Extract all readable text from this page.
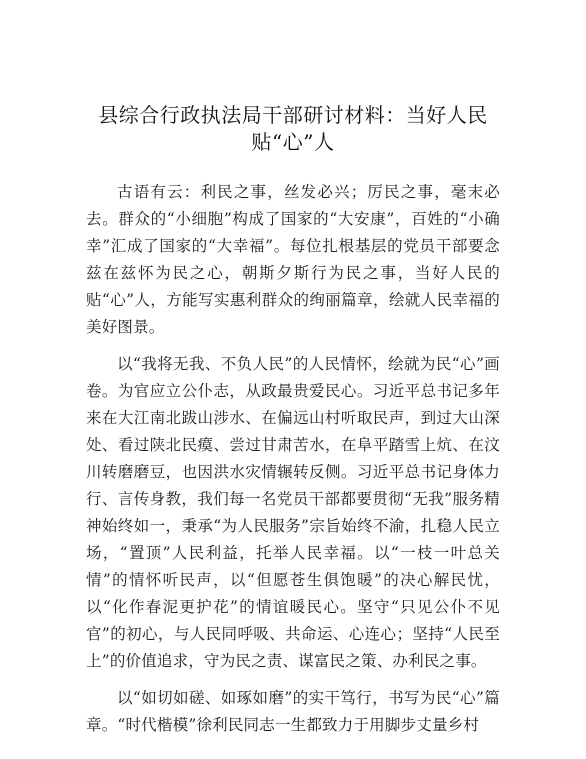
县综合行政执法局干部研讨材料：当好人民贴“心”人

古语有云：利民之事，丝发必兴；厉民之事，毫末必去。群众的“小细胞”构成了国家的“大安康”，百姓的“小确幸”汇成了国家的“大幸福”。每位扎根基层的党员干部要念兹在兹怀为民之心，朝斯夕斯行为民之事，当好人民的贴“心”人，方能写实惠利群众的绚丽篇章，绘就人民幸福的美好图景。

以“我将无我、不负人民”的人民情怀，绘就为民“心”画卷。为官应立公仆志，从政最贵爱民心。习近平总书记多年来在大江南北跋山涉水、在偏远山村听取民声，到过大山深处、看过陕北民瘼、尝过甘肃苦水，在阜平踏雪上炕、在汶川转磨磨豆，也因洪水灾情辗转反侧。习近平总书记身体力行、言传身教，我们每一名党员干部都要贯彻“无我”服务精神始终如一，秉承“为人民服务”宗旨始终不渝，扎稳人民立场，“置顶”人民利益，托举人民幸福。以“一枝一叶总关情”的情怀听民声，以“但愿苍生俱饱暖”的决心解民忧，以“化作春泥更护花”的情谊暖民心。坚守“只见公仆不见官”的初心，与人民同呼吸、共命运、心连心；坚持“人民至上”的价值追求，守为民之责、谋富民之策、办利民之事。

以“如切如磋、如琢如磨”的实干笃行，书写为民“心”篇章。“时代楷模”徐利民同志一生都致力于用脚步丈量乡村
